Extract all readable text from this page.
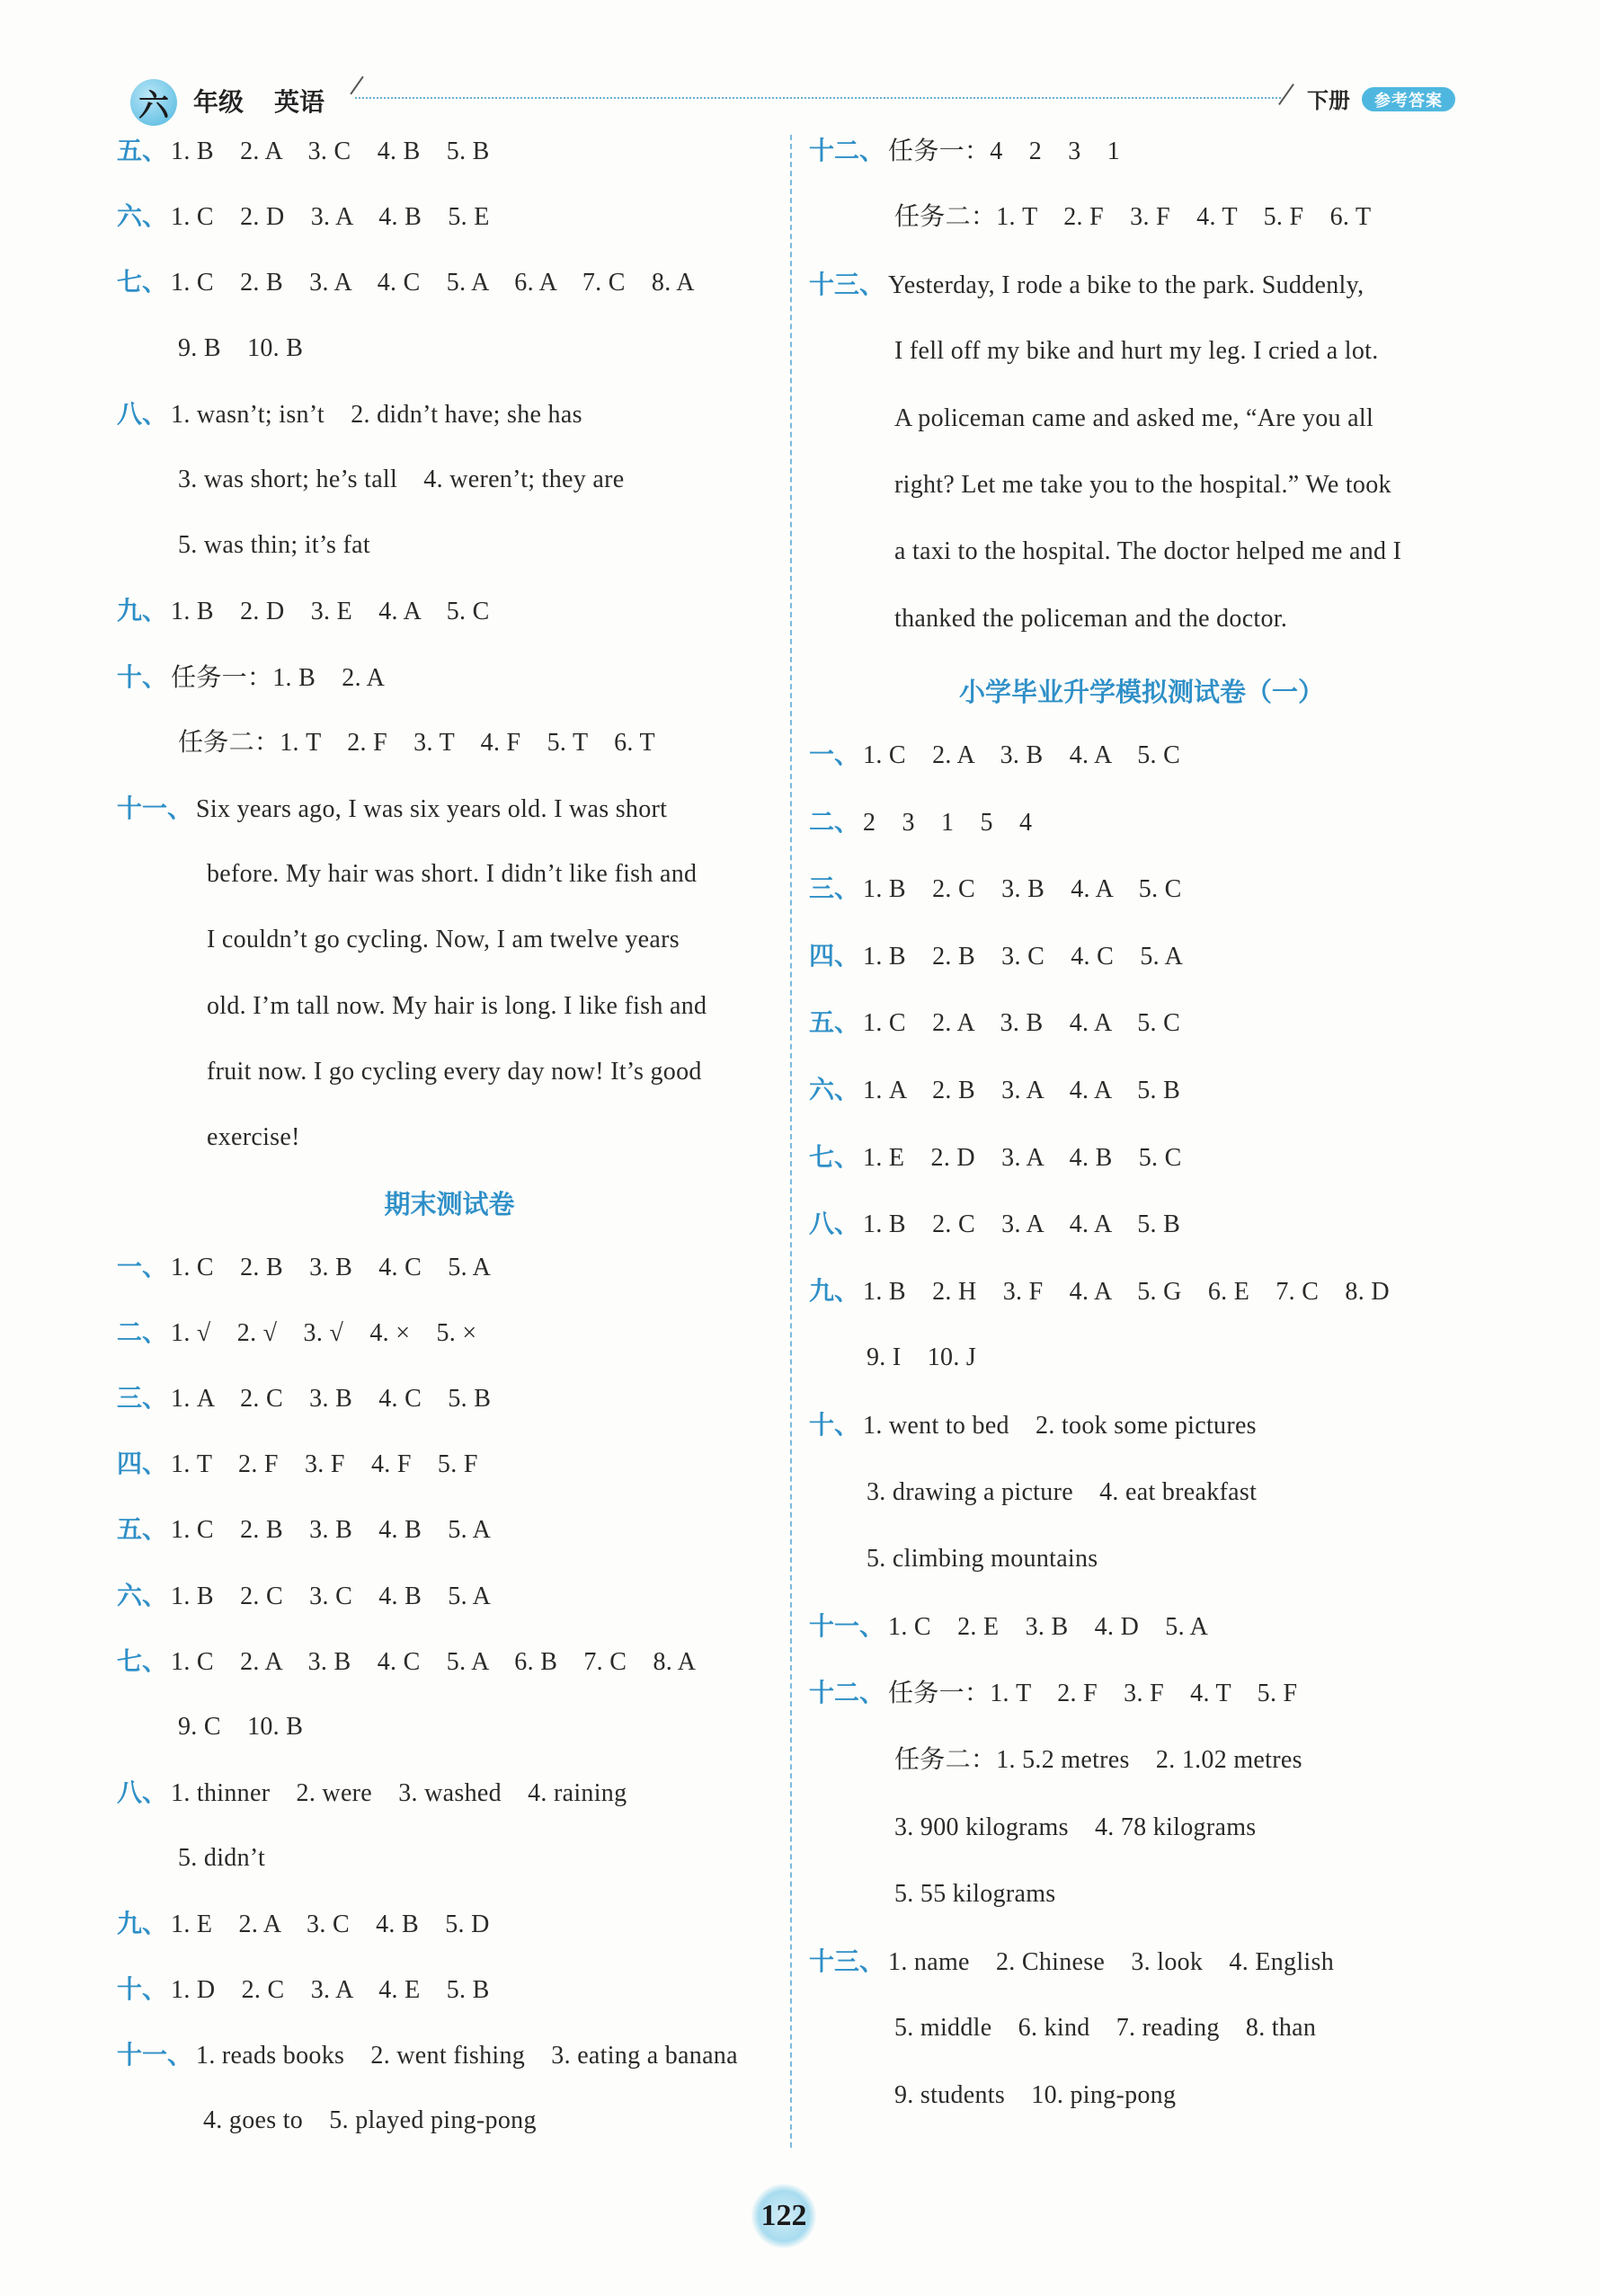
六 年级 英语	下册	参考答案
五、 1. B    2. A    3. C    4. B    5. B
六、 1. C    2. D    3. A    4. B    5. E
七、 1. C    2. B    3. A    4. C    5. A    6. A    7. C    8. A
9. B    10. B
八、 1. wasn’t; isn’t    2. didn’t have; she has
3. was short; he’s tall    4. weren’t; they are
5. was thin; it’s fat
九、 1. B    2. D    3. E    4. A    5. C
十、 任务一：1. B    2. A
任务二：1. T    2. F    3. T    4. F    5. T    6. T
十一、 Six years ago, I was six years old. I was short
before. My hair was short. I didn’t like fish and
I couldn’t go cycling. Now, I am twelve years
old. I’m tall now. My hair is long. I like fish and
fruit now. I go cycling every day now! It’s good
exercise!
期末测试卷
一、 1. C    2. B    3. B    4. C    5. A
二、 1. √    2. √    3. √    4. ×    5. ×
三、 1. A    2. C    3. B    4. C    5. B
四、 1. T    2. F    3. F    4. F    5. F
五、 1. C    2. B    3. B    4. B    5. A
六、 1. B    2. C    3. C    4. B    5. A
七、 1. C    2. A    3. B    4. C    5. A    6. B    7. C    8. A
9. C    10. B
八、 1. thinner    2. were    3. washed    4. raining
5. didn’t
九、 1. E    2. A    3. C    4. B    5. D
十、 1. D    2. C    3. A    4. E    5. B
十一、 1. reads books    2. went fishing    3. eating a banana
4. goes to    5. played ping-pong
十二、 任务一：4    2    3    1
任务二：1. T    2. F    3. F    4. T    5. F    6. T
十三、 Yesterday, I rode a bike to the park. Suddenly,
I fell off my bike and hurt my leg. I cried a lot.
A policeman came and asked me, “Are you all
right? Let me take you to the hospital.” We took
a taxi to the hospital. The doctor helped me and I
thanked the policeman and the doctor.
小学毕业升学模拟测试卷（一）
一、 1. C    2. A    3. B    4. A    5. C
二、 2    3    1    5    4
三、 1. B    2. C    3. B    4. A    5. C
四、 1. B    2. B    3. C    4. C    5. A
五、 1. C    2. A    3. B    4. A    5. C
六、 1. A    2. B    3. A    4. A    5. B
七、 1. E    2. D    3. A    4. B    5. C
八、 1. B    2. C    3. A    4. A    5. B
九、 1. B    2. H    3. F    4. A    5. G    6. E    7. C    8. D
9. I    10. J
十、 1. went to bed    2. took some pictures
3. drawing a picture    4. eat breakfast
5. climbing mountains
十一、 1. C    2. E    3. B    4. D    5. A
十二、 任务一：1. T    2. F    3. F    4. T    5. F
任务二：1. 5.2 metres    2. 1.02 metres
3. 900 kilograms    4. 78 kilograms
5. 55 kilograms
十三、 1. name    2. Chinese    3. look    4. English
5. middle    6. kind    7. reading    8. than
9. students    10. ping-pong
122
